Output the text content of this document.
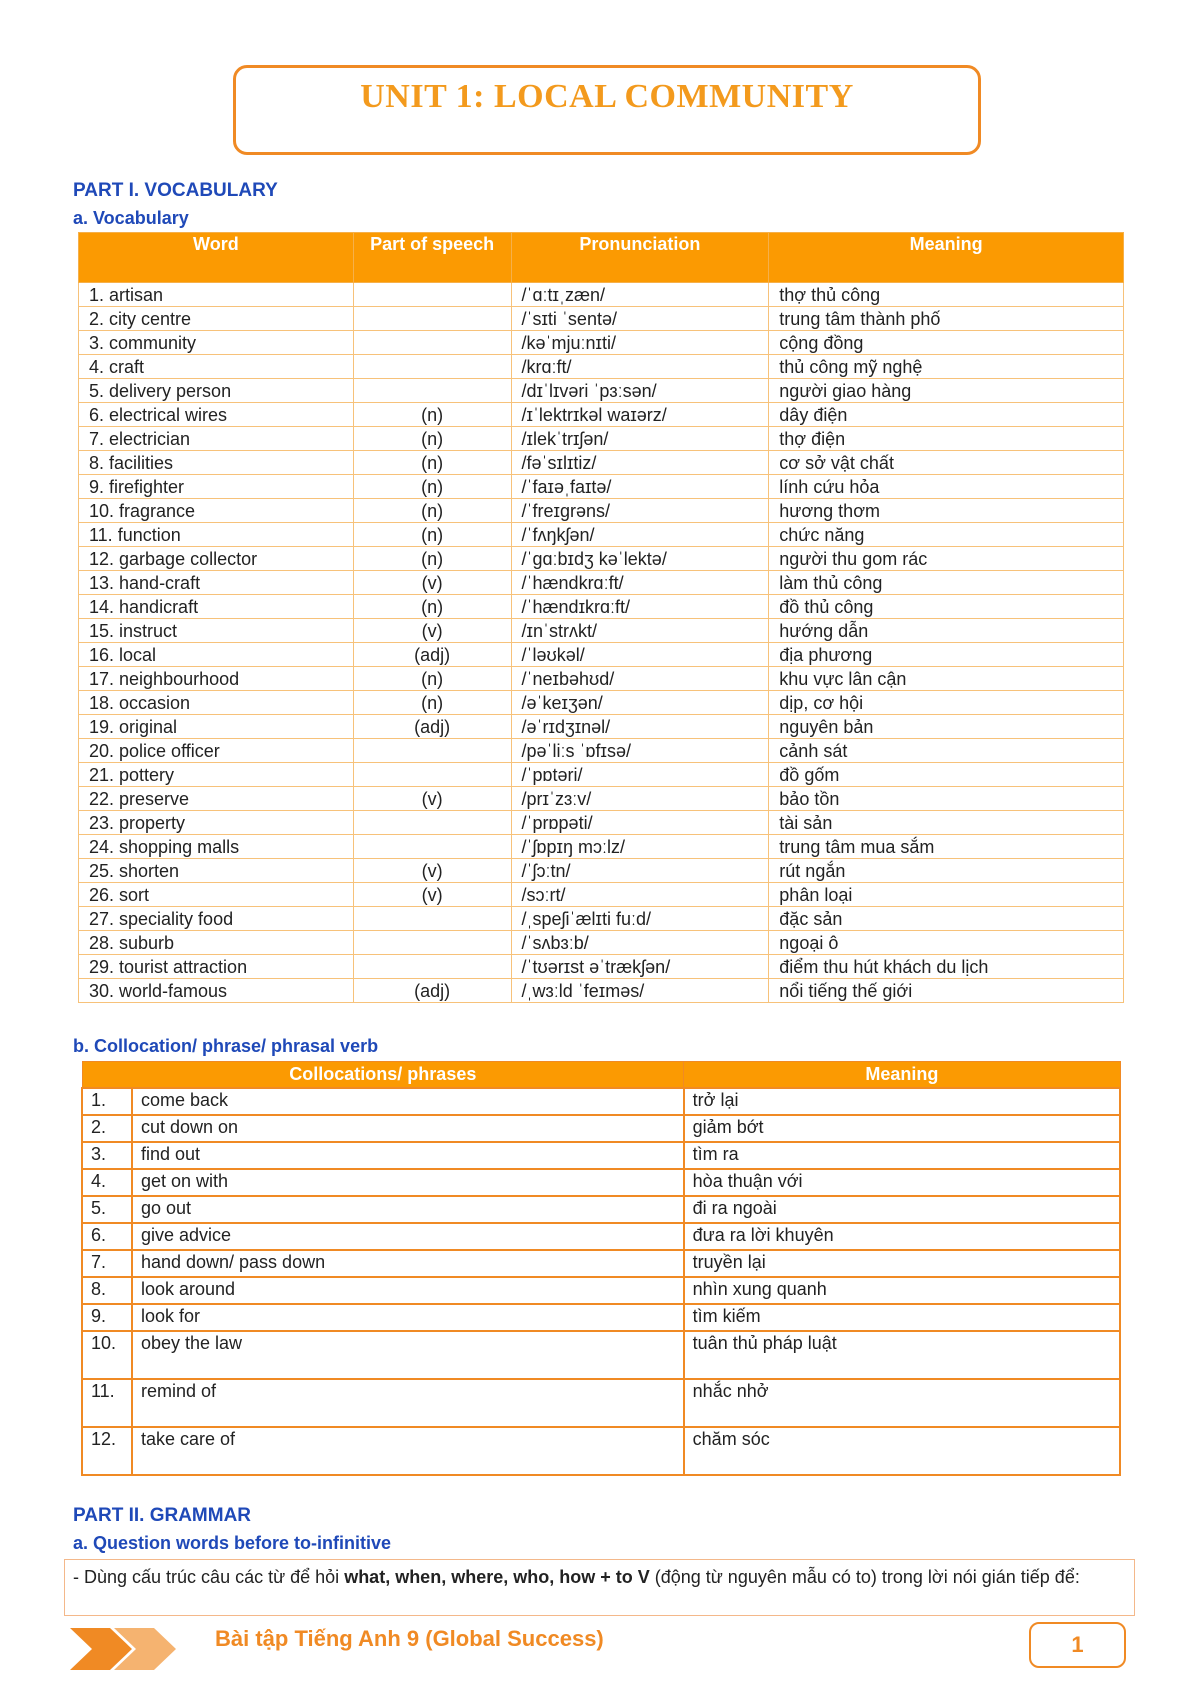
UNIT 1: LOCAL COMMUNITY
PART I. VOCABULARY
a. Vocabulary
Word	Part of speech	Pronunciation	Meaning
1. artisan		/ˈɑːtɪˌzæn/	thợ thủ công
2. city centre		/ˈsɪti ˈsentə/	trung tâm thành phố
3. community		/kəˈmjuːnɪti/	cộng đồng
4. craft		/krɑːft/	thủ công mỹ nghệ
5. delivery person		/dɪˈlɪvəri ˈpɜːsən/	người giao hàng
6. electrical wires	(n)	/ɪˈlektrɪkəl waɪərz/	dây điện
7. electrician	(n)	/ɪlekˈtrɪʃən/	thợ điện
8. facilities	(n)	/fəˈsɪlɪtiz/	cơ sở vật chất
9. firefighter	(n)	/ˈfaɪəˌfaɪtə/	lính cứu hỏa
10. fragrance	(n)	/ˈfreɪgrəns/	hương thơm
11. function	(n)	/ˈfʌŋkʃən/	chức năng
12. garbage collector	(n)	/ˈgɑːbɪdʒ kəˈlektə/	người thu gom rác
13. hand-craft	(v)	/ˈhændkrɑːft/	làm thủ công
14. handicraft	(n)	/ˈhændɪkrɑːft/	đồ thủ công
15. instruct	(v)	/ɪnˈstrʌkt/	hướng dẫn
16. local	(adj)	/ˈləʊkəl/	địa phương
17. neighbourhood	(n)	/ˈneɪbəhʊd/	khu vực lân cận
18. occasion	(n)	/əˈkeɪʒən/	dịp, cơ hội
19. original	(adj)	/əˈrɪdʒɪnəl/	nguyên bản
20. police officer		/pəˈliːs ˈɒfɪsə/	cảnh sát
21. pottery		/ˈpɒtəri/	đồ gốm
22. preserve	(v)	/prɪˈzɜːv/	bảo tồn
23. property		/ˈprɒpəti/	tài sản
24. shopping malls		/ˈʃɒpɪŋ mɔːlz/	trung tâm mua sắm
25. shorten	(v)	/ˈʃɔːtn/	rút ngắn
26. sort	(v)	/sɔːrt/	phân loại
27. speciality food		/ˌspeʃiˈælɪti fuːd/	đặc sản
28. suburb		/ˈsʌbɜːb/	ngoại ô
29. tourist attraction		/ˈtʊərɪst əˈtrækʃən/	điểm thu hút khách du lịch
30. world-famous	(adj)	/ˌwɜːld ˈfeɪməs/	nổi tiếng thế giới
b. Collocation/ phrase/ phrasal verb
Collocations/ phrases		Meaning
1.	come back	trở lại
2.	cut down on	giảm bớt
3.	find out	tìm ra
4.	get on with	hòa thuận với
5.	go out	đi ra ngoài
6.	give advice	đưa ra lời khuyên
7.	hand down/ pass down	truyền lại
8.	look around	nhìn xung quanh
9.	look for	tìm kiếm
10.	obey the law	tuân thủ pháp luật
11.	remind of	nhắc nhở
12.	take care of	chăm sóc
PART II. GRAMMAR
a. Question words before to-infinitive
- Dùng cấu trúc câu các từ để hỏi what, when, where, who, how + to V (động từ nguyên mẫu có to) trong lời nói gián tiếp để:
Bài tập Tiếng Anh 9 (Global Success)	1
